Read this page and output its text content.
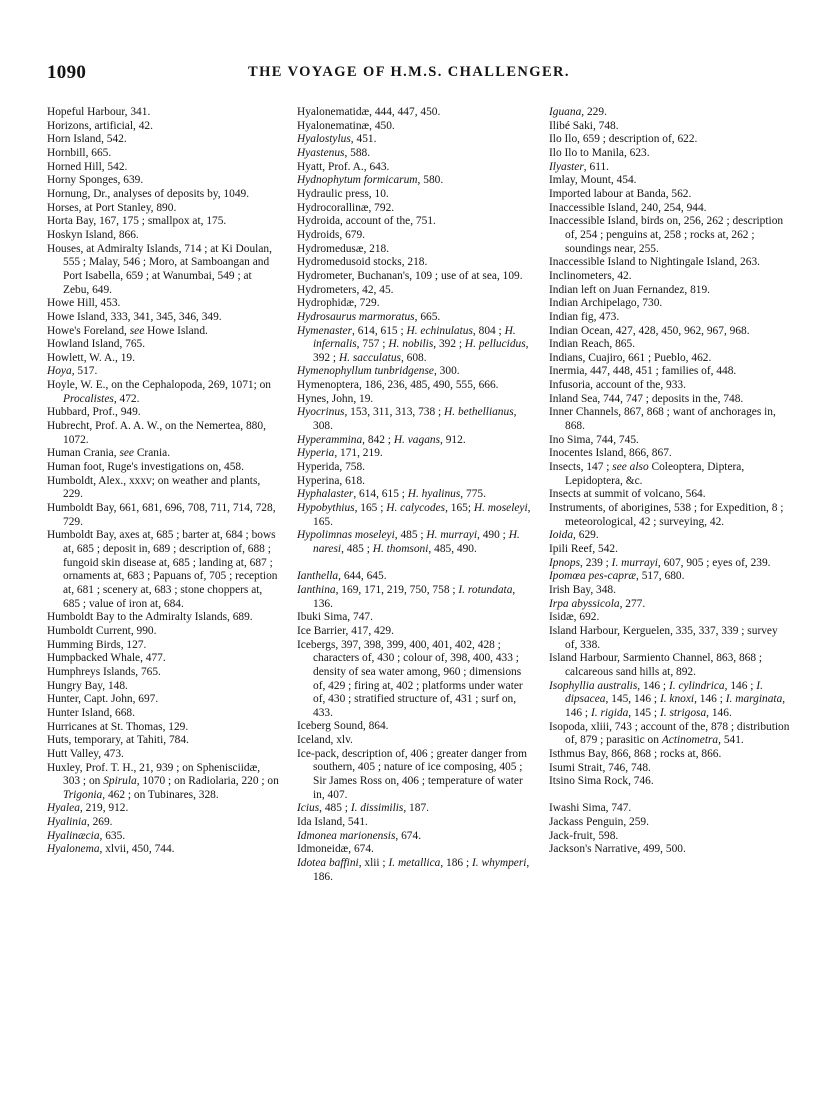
1090	THE VOYAGE OF H.M.S. CHALLENGER.
Hopeful Harbour, 341.
Horizons, artificial, 42.
Horn Island, 542.
Hornbill, 665.
Horned Hill, 542.
Horny Sponges, 639.
Hornung, Dr., analyses of deposits by, 1049.
Horses, at Port Stanley, 890.
Horta Bay, 167, 175 ; smallpox at, 175.
Hoskyn Island, 866.
Houses, at Admiralty Islands, 714 ; at Ki Doulan, 555 ; Malay, 546 ; Moro, at Samboangan and Port Isabella, 659 ; at Wanumbai, 549 ; at Zebu, 649.
Howe Hill, 453.
Howe Island, 333, 341, 345, 346, 349.
Howe's Foreland, see Howe Island.
Howland Island, 765.
Howlett, W. A., 19.
Hoya, 517.
Hoyle, W. E., on the Cephalopoda, 269, 1071; on Procalistes, 472.
Hubbard, Prof., 949.
Hubrecht, Prof. A. A. W., on the Nemertea, 880, 1072.
Human Crania, see Crania.
Human foot, Ruge's investigations on, 458.
Humboldt, Alex., xxxv; on weather and plants, 229.
Humboldt Bay, 661, 681, 696, 708, 711, 714, 728, 729.
Humboldt Bay, axes at, 685 ; barter at, 684 ; bows at, 685 ; deposit in, 689 ; description of, 688 ; fungoid skin disease at, 685 ; landing at, 687 ; ornaments at, 683 ; Papuans of, 705 ; reception at, 681 ; scenery at, 683 ; stone choppers at, 685 ; value of iron at, 684.
Humboldt Bay to the Admiralty Islands, 689.
Humboldt Current, 990.
Humming Birds, 127.
Humpbacked Whale, 477.
Humphreys Islands, 765.
Hungry Bay, 148.
Hunter, Capt. John, 697.
Hunter Island, 668.
Hurricanes at St. Thomas, 129.
Huts, temporary, at Tahiti, 784.
Hutt Valley, 473.
Huxley, Prof. T. H., 21, 939 ; on Sphenisciidæ, 303 ; on Spirula, 1070 ; on Radiolaria, 220 ; on Trigonia, 462 ; on Tubinares, 328.
Hyalea, 219, 912.
Hyalinia, 269.
Hyalinæcia, 635.
Hyalonema, xlvii, 450, 744.
Hyalonematidæ, 444, 447, 450.
Hyalonematinæ, 450.
Hyalostylus, 451.
Hyastenus, 588.
Hyatt, Prof. A., 643.
Hydnophytum formicarum, 580.
Hydraulic press, 10.
Hydrocorallinæ, 792.
Hydroida, account of the, 751.
Hydroids, 679.
Hydromedusæ, 218.
Hydromedusoid stocks, 218.
Hydrometer, Buchanan's, 109 ; use of at sea, 109.
Hydrometers, 42, 45.
Hydrophidæ, 729.
Hydrosaurus marmoratus, 665.
Hymenaster, 614, 615 ; H. echinulatus, 804 ; H. infernalis, 757 ; H. nobilis, 392 ; H. pellucidus, 392 ; H. sacculatus, 608.
Hymenophyllum tunbridgense, 300.
Hymenoptera, 186, 236, 485, 490, 555, 666.
Hynes, John, 19.
Hyocrinus, 153, 311, 313, 738 ; H. bethellianus, 308.
Hyperammina, 842 ; H. vagans, 912.
Hyperia, 171, 219.
Hyperida, 758.
Hyperina, 618.
Hyphalaster, 614, 615 ; H. hyalinus, 775.
Hypobythius, 165 ; H. calycodes, 165; H. moseleyi, 165.
Hypolimnas moseleyi, 485 ; H. murrayi, 490 ; H. naresi, 485 ; H. thomsoni, 485, 490.
Ianthella, 644, 645.
Ianthina, 169, 171, 219, 750, 758 ; I. rotundata, 136.
Ibuki Sima, 747.
Ice Barrier, 417, 429.
Icebergs, 397, 398, 399, 400, 401, 402, 428 ; characters of, 430 ; colour of, 398, 400, 433 ; density of sea water among, 960 ; dimensions of, 429 ; firing at, 402 ; platforms under water of, 430 ; stratified structure of, 431 ; surf on, 433.
Iceberg Sound, 864.
Iceland, xlv.
Ice-pack, description of, 406 ; greater danger from southern, 405 ; nature of ice composing, 405 ; Sir James Ross on, 406 ; temperature of water in, 407.
Icius, 485 ; I. dissimilis, 187.
Ida Island, 541.
Idmonea marionensis, 674.
Idmoneidæ, 674.
Idotea baffini, xlii ; I. metallica, 186 ; I. whymperi, 186.
Iguana, 229.
Ilibé Saki, 748.
Ilo Ilo, 659 ; description of, 622.
Ilo Ilo to Manila, 623.
Ilyaster, 611.
Imlay, Mount, 454.
Imported labour at Banda, 562.
Inaccessible Island, 240, 254, 944.
Inaccessible Island, birds on, 256, 262 ; description of, 254 ; penguins at, 258 ; rocks at, 262 ; soundings near, 255.
Inaccessible Island to Nightingale Island, 263.
Inclinometers, 42.
Indian left on Juan Fernandez, 819.
Indian Archipelago, 730.
Indian fig, 473.
Indian Ocean, 427, 428, 450, 962, 967, 968.
Indian Reach, 865.
Indians, Cuajiro, 661 ; Pueblo, 462.
Inermia, 447, 448, 451 ; families of, 448.
Infusoria, account of the, 933.
Inland Sea, 744, 747 ; deposits in the, 748.
Inner Channels, 867, 868 ; want of anchorages in, 868.
Ino Sima, 744, 745.
Inocentes Island, 866, 867.
Insects, 147 ; see also Coleoptera, Diptera, Lepidoptera, &c.
Insects at summit of volcano, 564.
Instruments, of aborigines, 538 ; for Expedition, 8 ; meteorological, 42 ; surveying, 42.
Ioida, 629.
Ipili Reef, 542.
Ipnops, 239 ; I. murrayi, 607, 905 ; eyes of, 239.
Ipomœa pes-capræ, 517, 680.
Irish Bay, 348.
Irpa abyssicola, 277.
Isidæ, 692.
Island Harbour, Kerguelen, 335, 337, 339 ; survey of, 338.
Island Harbour, Sarmiento Channel, 863, 868 ; calcareous sand hills at, 892.
Isophyllia australis, 146 ; I. cylindrica, 146 ; I. dipsacea, 145, 146 ; I. knoxi, 146 ; I. marginata, 146 ; I. rigida, 145 ; I. strigosa, 146.
Isopoda, xliii, 743 ; account of the, 878 ; distribution of, 879 ; parasitic on Actinometra, 541.
Isthmus Bay, 866, 868 ; rocks at, 866.
Isumi Strait, 746, 748.
Itsino Sima Rock, 746.
Iwashi Sima, 747.
Jackass Penguin, 259.
Jack-fruit, 598.
Jackson's Narrative, 499, 500.
